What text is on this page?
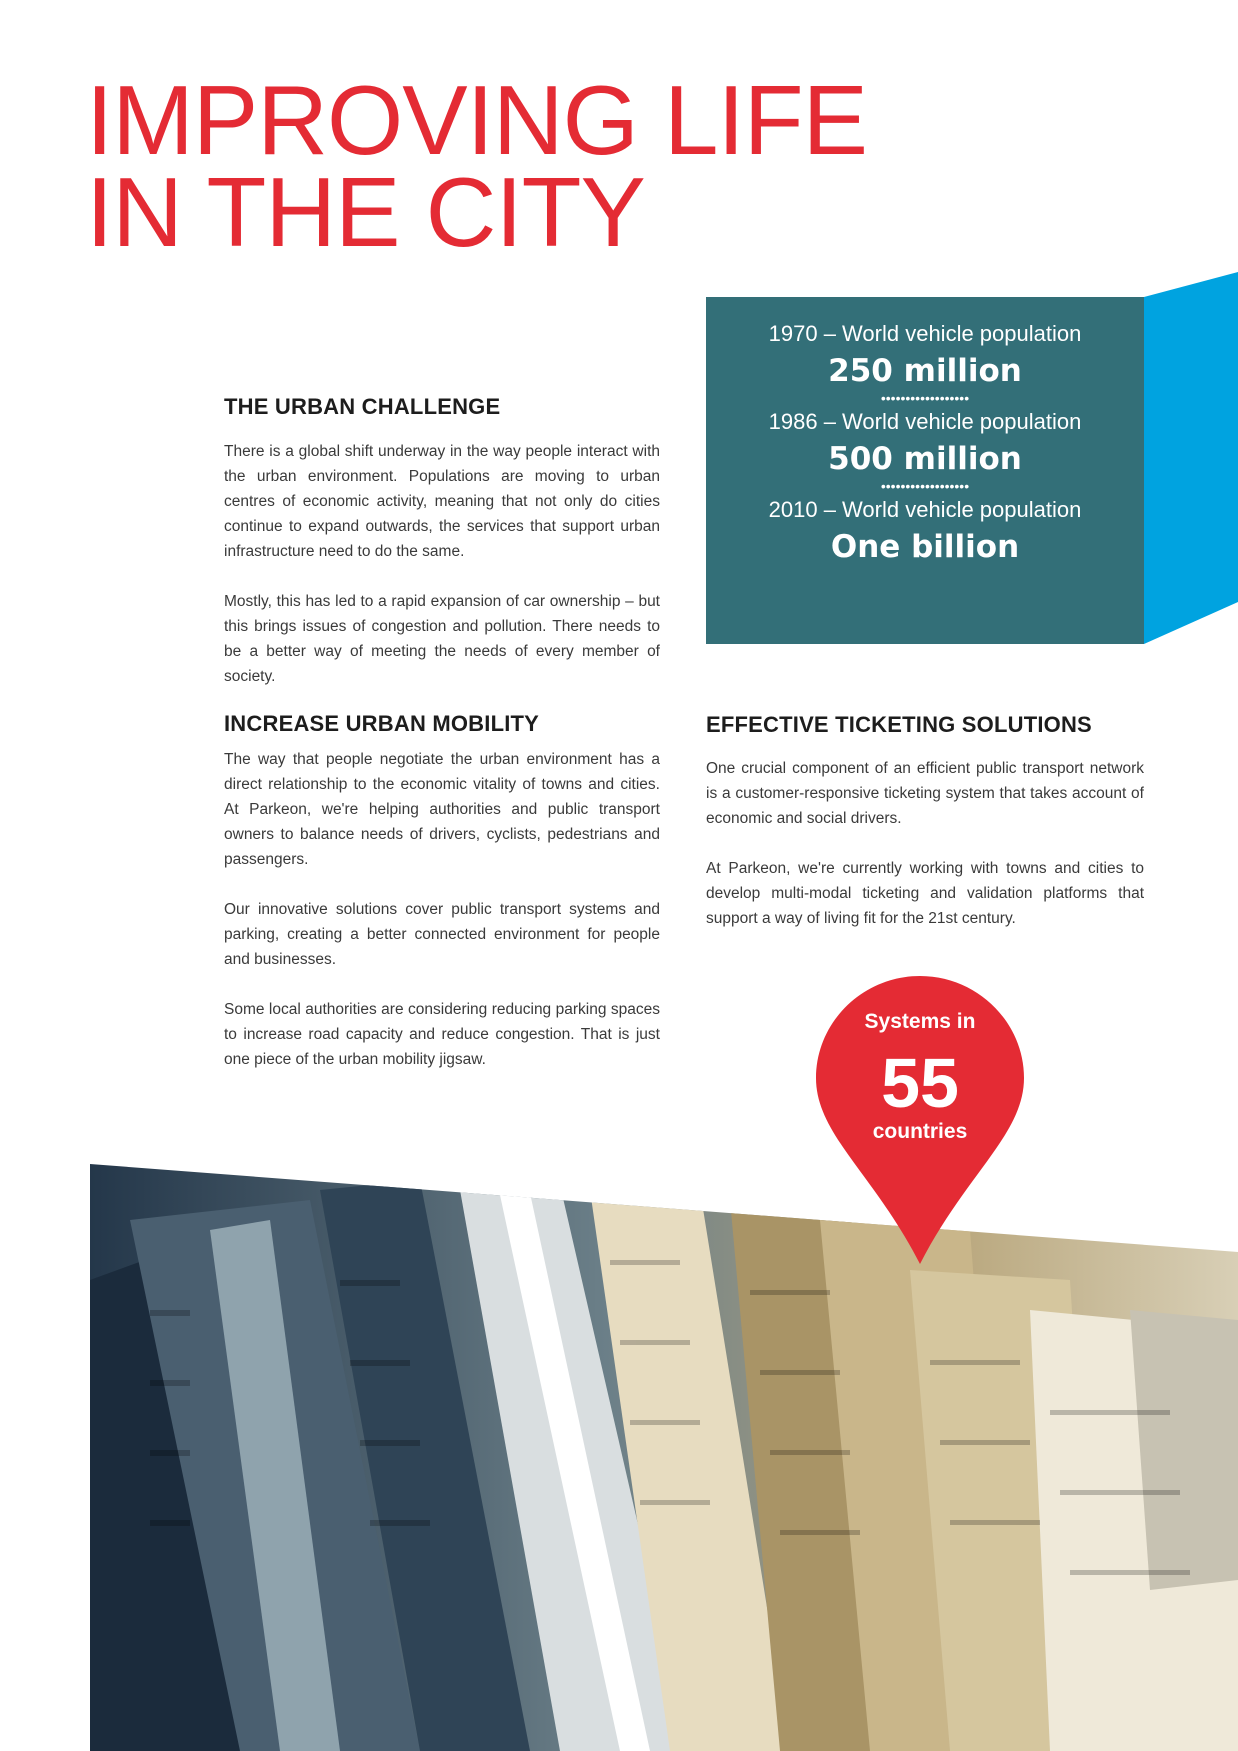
IMPROVING LIFE
IN THE CITY
1970 – World vehicle population
250 million
••••••••••••••••••
1986 – World vehicle population
500 million
••••••••••••••••••
2010 – World vehicle population
One billion
THE URBAN CHALLENGE

There is a global shift underway in the way people interact with the urban environment. Populations are moving to urban centres of economic activity, meaning that not only do cities continue to expand outwards, the services that support urban infrastructure need to do the same.

Mostly, this has led to a rapid expansion of car ownership – but this brings issues of congestion and pollution. There needs to be a better way of meeting the needs of every member of society.

INCREASE URBAN MOBILITY

The way that people negotiate the urban environment has a direct relationship to the economic vitality of towns and cities. At Parkeon, we're helping authorities and public transport owners to balance needs of drivers, cyclists, pedestrians and passengers.

Our innovative solutions cover public transport systems and parking, creating a better connected environment for people and businesses.

Some local authorities are considering reducing parking spaces to increase road capacity and reduce congestion. That is just one piece of the urban mobility jigsaw.

EFFECTIVE TICKETING SOLUTIONS

One crucial component of an efficient public transport network is a customer-responsive ticketing system that takes account of economic and social drivers.

At Parkeon, we're currently working with towns and cities to develop multi-modal ticketing and validation platforms that support a way of living fit for the 21st century.

Systems in
55
countries
